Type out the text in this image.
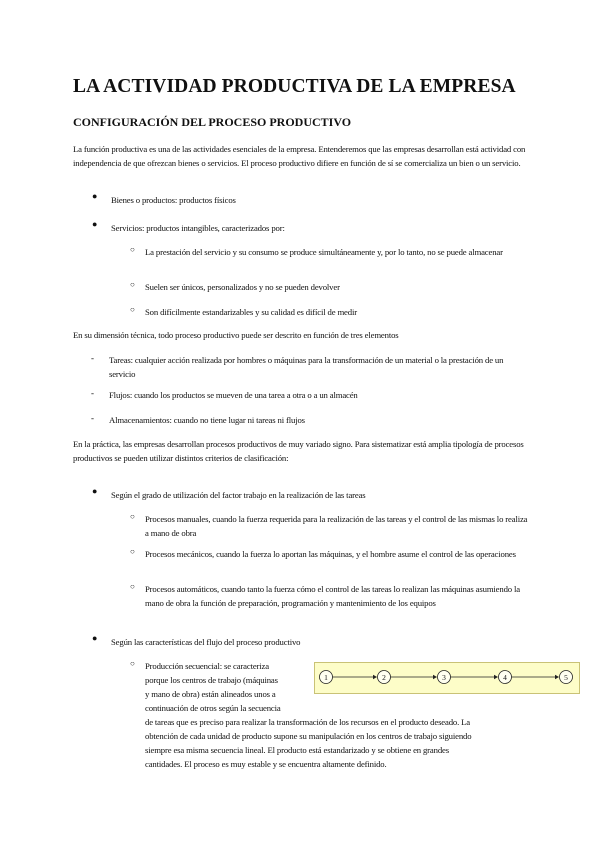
LA ACTIVIDAD PRODUCTIVA DE LA EMPRESA
CONFIGURACIÓN DEL PROCESO PRODUCTIVO
La función productiva es una de las actividades esenciales de la empresa. Entenderemos que las empresas desarrollan está actividad con independencia de que ofrezcan bienes o servicios. El proceso productivo difiere en función de sí se comercializa un bien o un servicio.
● Bienes o productos: productos físicos
● Servicios: productos intangibles, caracterizados por:
○ La prestación del servicio y su consumo se produce simultáneamente y, por lo tanto, no se puede almacenar
○ Suelen ser únicos, personalizados y no se pueden devolver
○ Son difícilmente estandarizables y su calidad es difícil de medir
En su dimensión técnica, todo proceso productivo puede ser descrito en función de tres elementos
- Tareas: cualquier acción realizada por hombres o máquinas para la transformación de un material o la prestación de un servicio
- Flujos: cuando los productos se mueven de una tarea a otra o a un almacén
- Almacenamientos: cuando no tiene lugar ni tareas ni flujos
En la práctica, las empresas desarrollan procesos productivos de muy variado signo. Para sistematizar está amplia tipología de procesos productivos se pueden utilizar distintos criterios de clasificación:
● Según el grado de utilización del factor trabajo en la realización de las tareas
○ Procesos manuales, cuando la fuerza requerida para la realización de las tareas y el control de las mismas lo realiza a mano de obra
○ Procesos mecánicos, cuando la fuerza lo aportan las máquinas, y el hombre asume el control de las operaciones
○ Procesos automáticos, cuando tanto la fuerza cómo el control de las tareas lo realizan las máquinas asumiendo la mano de obra la función de preparación, programación y mantenimiento de los equipos
● Según las características del flujo del proceso productivo
○ Producción secuencial: se caracteriza
porque los centros de trabajo (máquinas
y mano de obra) están alineados unos a
continuación de otros según la secuencia
de tareas que es preciso para realizar la transformación de los recursos en el producto deseado. La
obtención de cada unidad de producto supone su manipulación en los centros de trabajo siguiendo
siempre esa misma secuencia lineal. El producto está estandarizado y se obtiene en grandes
cantidades. El proceso es muy estable y se encuentra altamente definido.
1	2	3	4	5
